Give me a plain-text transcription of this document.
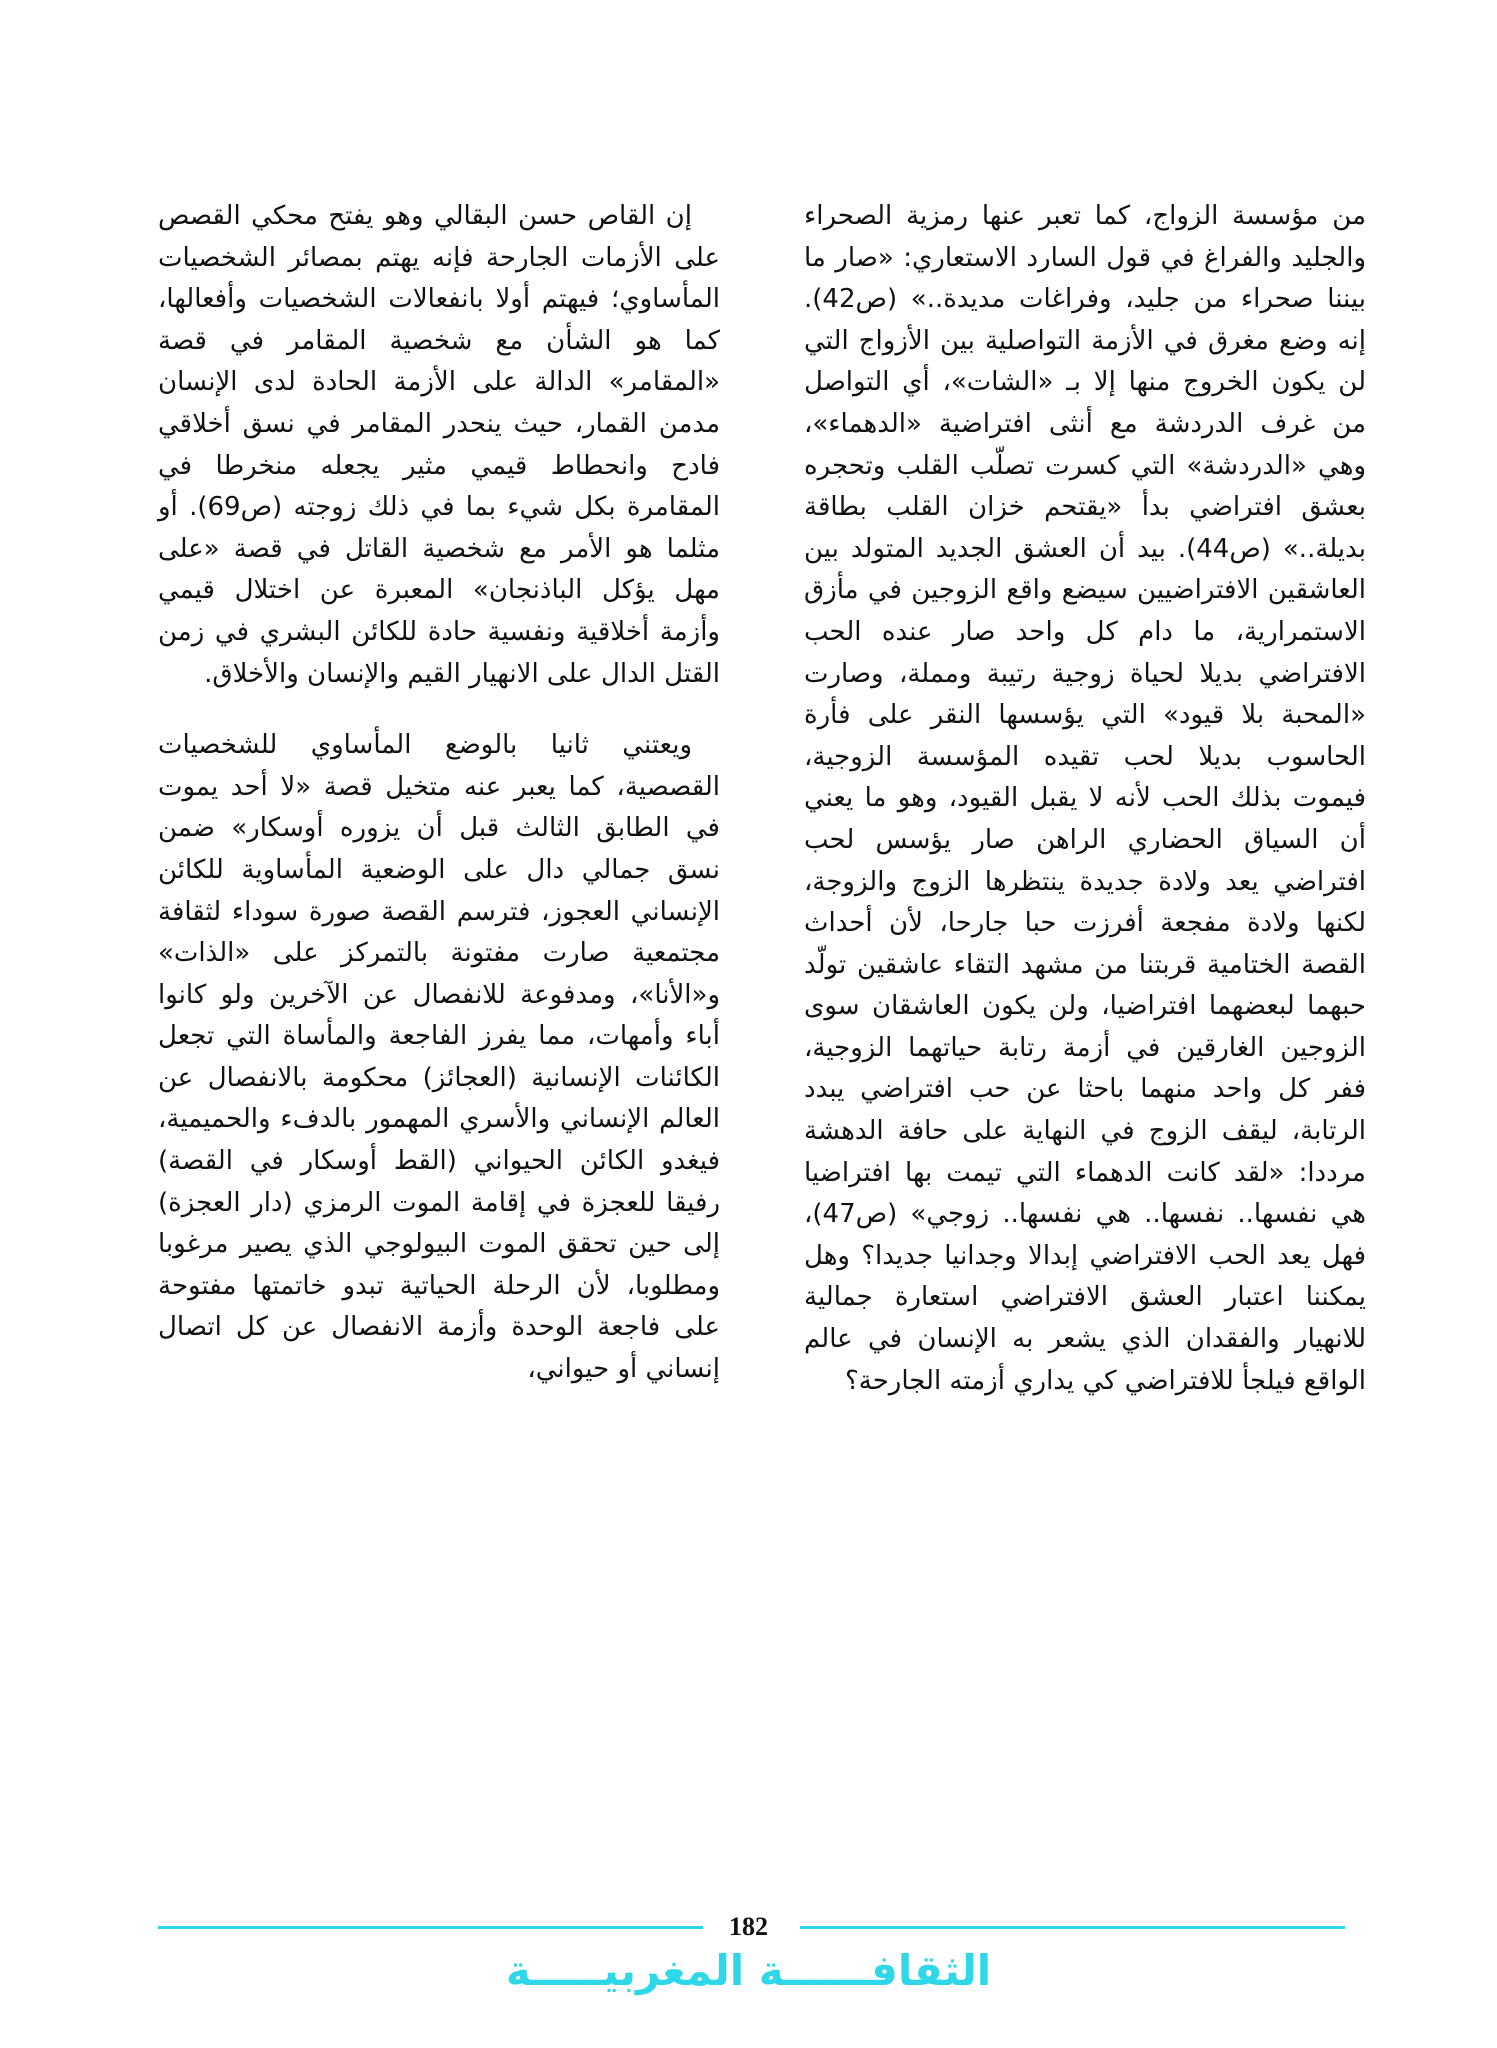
من مؤسسة الزواج، كما تعبر عنها رمزية الصحراء والجليد والفراغ في قول السارد الاستعاري: «صار ما بيننا صحراء من جليد، وفراغات مديدة..» (ص42). إنه وضع مغرق في الأزمة التواصلية بين الأزواج التي لن يكون الخروج منها إلا بـ «الشات»، أي التواصل من غرف الدردشة مع أنثى افتراضية «الدهماء»، وهي «الدردشة» التي كسرت تصلّب القلب وتحجره بعشق افتراضي بدأ «يقتحم خزان القلب بطاقة بديلة..» (ص44). بيد أن العشق الجديد المتولد بين العاشقين الافتراضيين سيضع واقع الزوجين في مأزق الاستمرارية، ما دام كل واحد صار عنده الحب الافتراضي بديلا لحياة زوجية رتيبة ومملة، وصارت «المحبة بلا قيود» التي يؤسسها النقر على فأرة الحاسوب بديلا لحب تقيده المؤسسة الزوجية، فيموت بذلك الحب لأنه لا يقبل القيود، وهو ما يعني أن السياق الحضاري الراهن صار يؤسس لحب افتراضي يعد ولادة جديدة ينتظرها الزوج والزوجة، لكنها ولادة مفجعة أفرزت حبا جارحا، لأن أحداث القصة الختامية قربتنا من مشهد التقاء عاشقين تولّد حبهما لبعضهما افتراضيا، ولن يكون العاشقان سوى الزوجين الغارقين في أزمة رتابة حياتهما الزوجية، ففر كل واحد منهما باحثا عن حب افتراضي يبدد الرتابة، ليقف الزوج في النهاية على حافة الدهشة مرددا: «لقد كانت الدهماء التي تيمت بها افتراضيا هي نفسها.. نفسها.. هي نفسها.. زوجي» (ص47)، فهل يعد الحب الافتراضي إبدالا وجدانيا جديدا؟ وهل يمكننا اعتبار العشق الافتراضي استعارة جمالية للانهيار والفقدان الذي يشعر به الإنسان في عالم الواقع فيلجأ للافتراضي كي يداري أزمته الجارحة؟

إن القاص حسن البقالي وهو يفتح محكي القصص على الأزمات الجارحة فإنه يهتم بمصائر الشخصيات المأساوي؛ فيهتم أولا بانفعالات الشخصيات وأفعالها، كما هو الشأن مع شخصية المقامر في قصة «المقامر» الدالة على الأزمة الحادة لدى الإنسان مدمن القمار، حيث ينحدر المقامر في نسق أخلاقي فادح وانحطاط قيمي مثير يجعله منخرطا في المقامرة بكل شيء بما في ذلك زوجته (ص69). أو مثلما هو الأمر مع شخصية القاتل في قصة «على مهل يؤكل الباذنجان» المعبرة عن اختلال قيمي وأزمة أخلاقية ونفسية حادة للكائن البشري في زمن القتل الدال على الانهيار القيم والإنسان والأخلاق.

ويعتني ثانيا بالوضع المأساوي للشخصيات القصصية، كما يعبر عنه متخيل قصة «لا أحد يموت في الطابق الثالث قبل أن يزوره أوسكار» ضمن نسق جمالي دال على الوضعية المأساوية للكائن الإنساني العجوز، فترسم القصة صورة سوداء لثقافة مجتمعية صارت مفتونة بالتمركز على «الذات» و«الأنا»، ومدفوعة للانفصال عن الآخرين ولو كانوا أباء وأمهات، مما يفرز الفاجعة والمأساة التي تجعل الكائنات الإنسانية (العجائز) محكومة بالانفصال عن العالم الإنساني والأسري المهمور بالدفء والحميمية، فيغدو الكائن الحيواني (القط أوسكار في القصة) رفيقا للعجزة في إقامة الموت الرمزي (دار العجزة) إلى حين تحقق الموت البيولوجي الذي يصير مرغوبا ومطلوبا، لأن الرحلة الحياتية تبدو خاتمتها مفتوحة على فاجعة الوحدة وأزمة الانفصال عن كل اتصال إنساني أو حيواني،

182
الثقافــــــة المغربيـــــة
